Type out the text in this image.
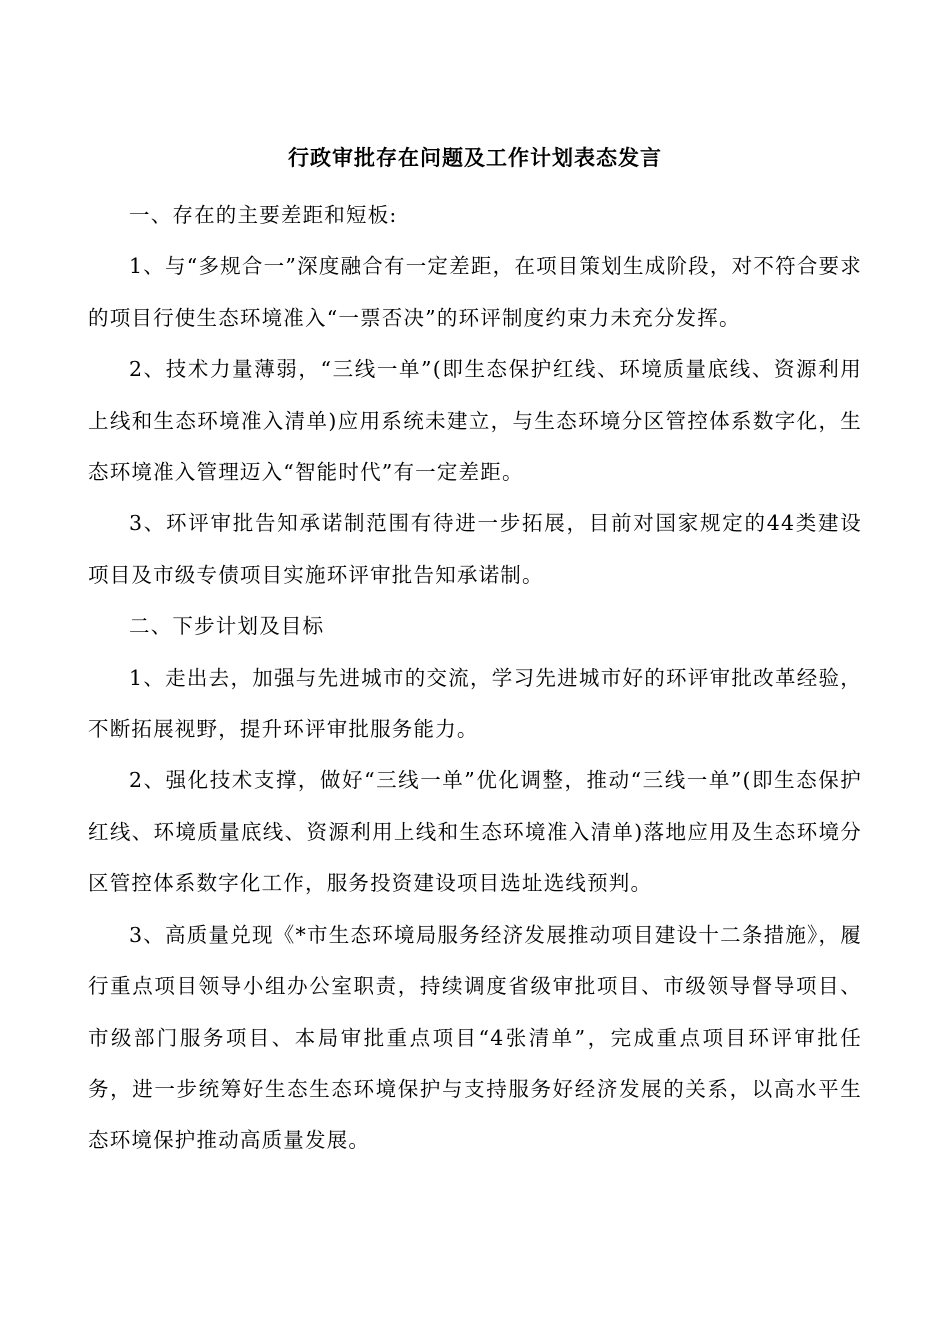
行政审批存在问题及工作计划表态发言

一、存在的主要差距和短板:

1、与“多规合一”深度融合有一定差距，在项目策划生成阶段，对不符合要求的项目行使生态环境准入“一票否决”的环评制度约束力未充分发挥。

2、技术力量薄弱，“三线一单”(即生态保护红线、环境质量底线、资源利用上线和生态环境准入清单)应用系统未建立，与生态环境分区管控体系数字化，生态环境准入管理迈入“智能时代”有一定差距。

3、环评审批告知承诺制范围有待进一步拓展，目前对国家规定的44类建设项目及市级专债项目实施环评审批告知承诺制。

二、下步计划及目标

1、走出去，加强与先进城市的交流，学习先进城市好的环评审批改革经验，不断拓展视野，提升环评审批服务能力。

2、强化技术支撑，做好“三线一单”优化调整，推动“三线一单”(即生态保护红线、环境质量底线、资源利用上线和生态环境准入清单)落地应用及生态环境分区管控体系数字化工作，服务投资建设项目选址选线预判。

3、高质量兑现《*市生态环境局服务经济发展推动项目建设十二条措施》，履行重点项目领导小组办公室职责，持续调度省级审批项目、市级领导督导项目、市级部门服务项目、本局审批重点项目“4张清单”，完成重点项目环评审批任务，进一步统筹好生态生态环境保护与支持服务好经济发展的关系，以高水平生态环境保护推动高质量发展。
